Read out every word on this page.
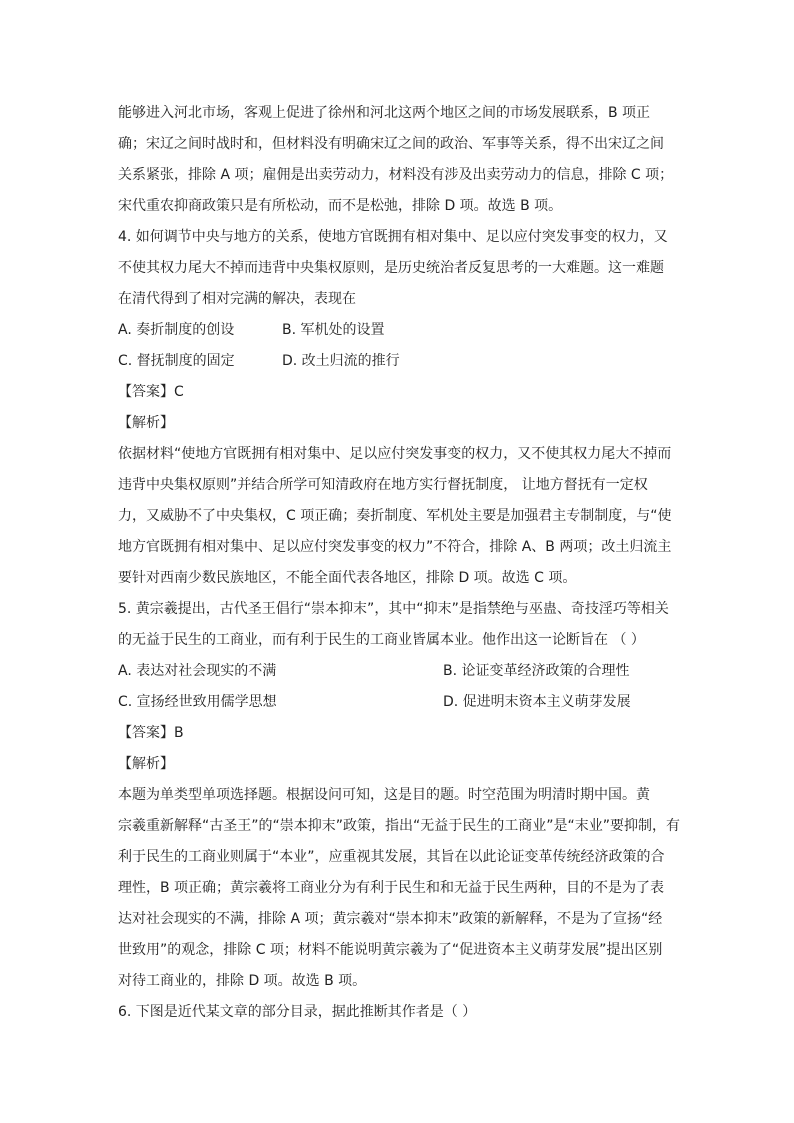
能够进入河北市场，客观上促进了徐州和河北这两个地区之间的市场发展联系，B 项正
确；宋辽之间时战时和，但材料没有明确宋辽之间的政治、军事等关系，得不出宋辽之间
关系紧张，排除 A 项；雇佣是出卖劳动力，材料没有涉及出卖劳动力的信息，排除 C 项；
宋代重农抑商政策只是有所松动，而不是松弛，排除 D 项。故选 B 项。

4. 如何调节中央与地方的关系，使地方官既拥有相对集中、足以应付突发事变的权力，又
不使其权力尾大不掉而违背中央集权原则，是历史统治者反复思考的一大难题。这一难题
在清代得到了相对完满的解决，表现在

A. 奏折制度的创设	B. 军机处的设置
C. 督抚制度的固定	D. 改土归流的推行

【答案】C

【解析】

依据材料“使地方官既拥有相对集中、足以应付突发事变的权力，又不使其权力尾大不掉而
违背中央集权原则”并结合所学可知清政府在地方实行督抚制度， 让地方督抚有一定权
力，又威胁不了中央集权，C 项正确；奏折制度、军机处主要是加强君主专制制度，与“使
地方官既拥有相对集中、足以应付突发事变的权力”不符合，排除 A、B 两项；改土归流主
要针对西南少数民族地区，不能全面代表各地区，排除 D 项。故选 C 项。

5. 黄宗羲提出，古代圣王倡行“崇本抑末”，其中“抑末”是指禁绝与巫蛊、奇技淫巧等相关
的无益于民生的工商业，而有利于民生的工商业皆属本业。他作出这一论断旨在 （ ）

A. 表达对社会现实的不满	B. 论证变革经济政策的合理性
C. 宣扬经世致用儒学思想	D. 促进明末资本主义萌芽发展

【答案】B

【解析】

本题为单类型单项选择题。根据设问可知，这是目的题。时空范围为明清时期中国。黄
宗羲重新解释“古圣王”的“崇本抑末”政策，指出“无益于民生的工商业”是“末业”要抑制，有
利于民生的工商业则属于“本业”，应重视其发展，其旨在以此论证变革传统经济政策的合
理性，B 项正确；黄宗羲将工商业分为有利于民生和和无益于民生两种，目的不是为了表
达对社会现实的不满，排除 A 项；黄宗羲对“崇本抑末”政策的新解释，不是为了宣扬“经
世致用”的观念，排除 C 项；材料不能说明黄宗羲为了“促进资本主义萌芽发展”提出区别
对待工商业的，排除 D 项。故选 B 项。

6. 下图是近代某文章的部分目录，据此推断其作者是（ ）
